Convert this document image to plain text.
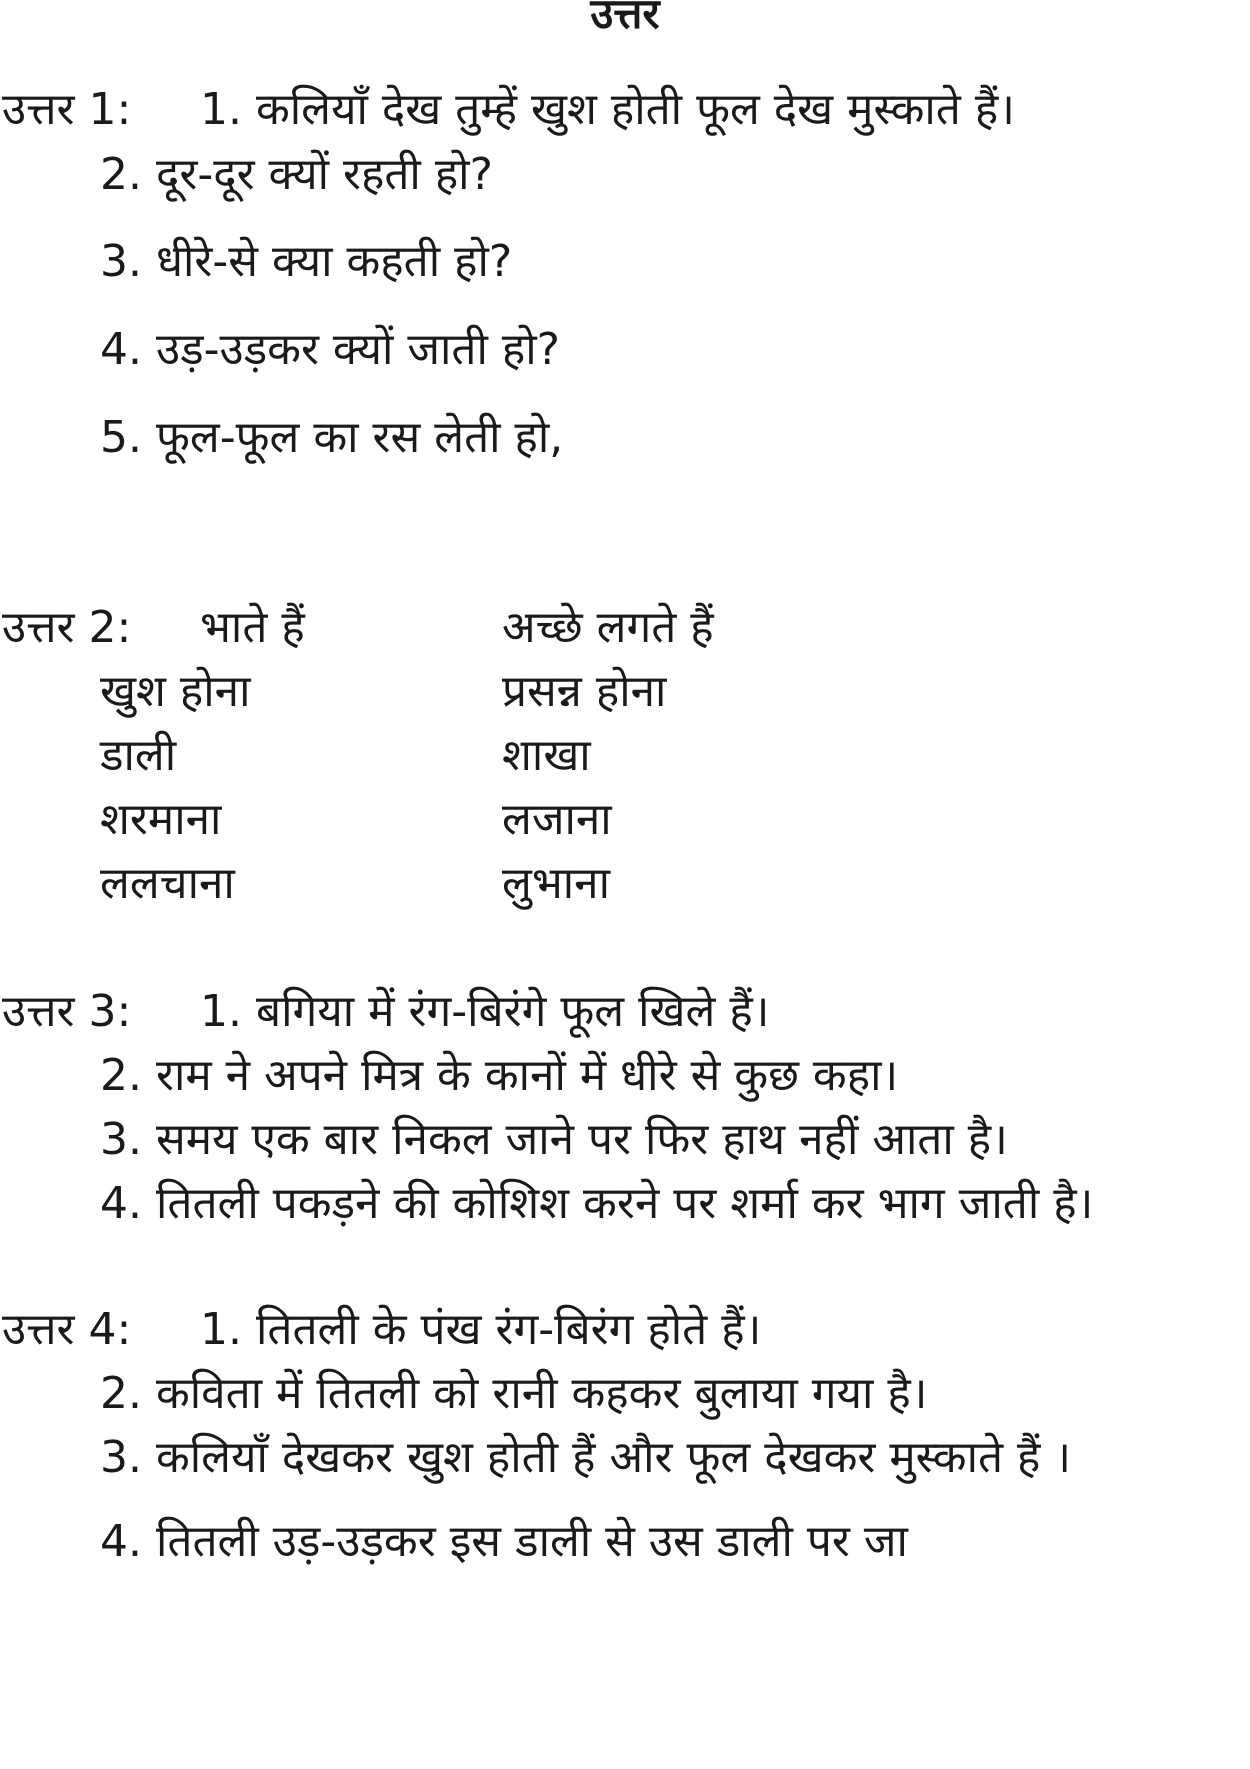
उत्तर
उत्तर 1: 1. कलियाँ देख तुम्हें खुश होती फूल देख मुस्काते हैं।
2. दूर-दूर क्यों रहती हो?
3. धीरे-से क्या कहती हो?
4. उड़-उड़कर क्यों जाती हो?
5. फूल-फूल का रस लेती हो,
उत्तर 2: भाते हैं	अच्छे लगते हैं
खुश होना	प्रसन्न होना
डाली	शाखा
शरमाना	लजाना
ललचाना	लुभाना
उत्तर 3: 1. बगिया में रंग-बिरंगे फूल खिले हैं।
2. राम ने अपने मित्र के कानों में धीरे से कुछ कहा।
3. समय एक बार निकल जाने पर फिर हाथ नहीं आता है।
4. तितली पकड़ने की कोशिश करने पर शर्मा कर भाग जाती है।
उत्तर 4: 1. तितली के पंख रंग-बिरंग होते हैं।
2. कविता में तितली को रानी कहकर बुलाया गया है।
3. कलियाँ देखकर खुश होती हैं और फूल देखकर मुस्काते हैं ।
4. तितली उड़-उड़कर इस डाली से उस डाली पर जा
